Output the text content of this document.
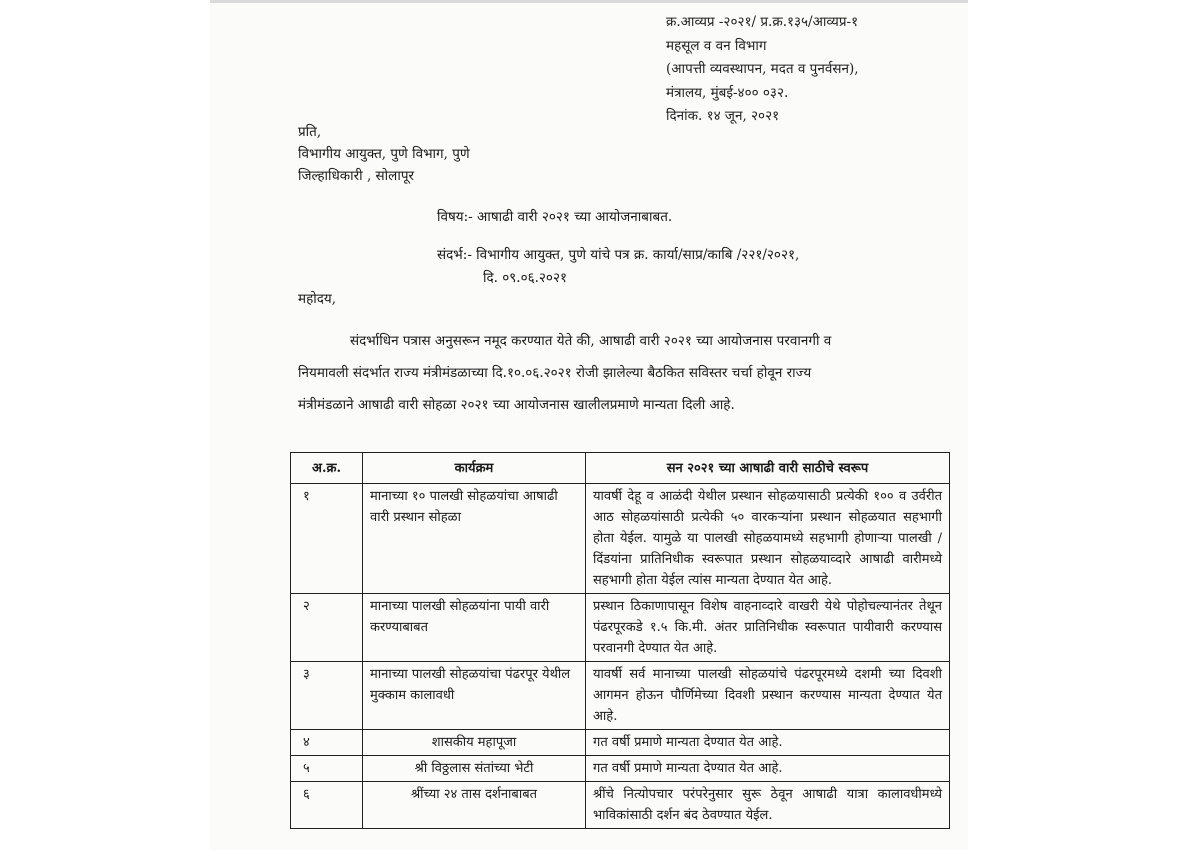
क्र.आव्यप्र -२०२१/ प्र.क्र.१३५/आव्यप्र-१
महसूल व वन विभाग
(आपत्ती व्यवस्थापन, मदत व पुनर्वसन),
मंत्रालय, मुंबई-४०० ०३२.
दिनांक. १४ जून, २०२१
प्रति,
विभागीय आयुक्त, पुणे विभाग, पुणे
जिल्हाधिकारी , सोलापूर
विषय:- आषाढी वारी २०२१ च्या आयोजनाबाबत.
संदर्भ:- विभागीय आयुक्त, पुणे यांचे पत्र क्र. कार्या/साप्र/काबि /२२१/२०२१,
दि. ०९.०६.२०२१
महोदय,
संदर्भाधिन पत्रास अनुसरून नमूद करण्यात येते की, आषाढी वारी २०२१ च्या आयोजनास परवानगी व
नियमावली संदर्भात राज्य मंत्रीमंडळाच्या दि.१०.०६.२०२१ रोजी झालेल्या बैठकित सविस्तर चर्चा होवून राज्य
मंत्रीमंडळाने आषाढी वारी सोहळा २०२१ च्या आयोजनास खालीलप्रमाणे मान्यता दिली आहे.
अ.क्र.	कार्यक्रम	सन २०२१ च्या आषाढी वारी साठीचे स्वरूप
१	मानाच्या १० पालखी सोहळयांचा आषाढी वारी प्रस्थान सोहळा	यावर्षी देहू व आळंदी येथील प्रस्थान सोहळयासाठी प्रत्येकी १०० व उर्वरीत आठ सोहळयांसाठी प्रत्येकी ५० वारकऱ्यांना प्रस्थान सोहळयात सहभागी होता येईल. यामुळे या पालखी सोहळयामध्ये सहभागी होणाऱ्या पालखी / दिंडयांना प्रातिनिधीक स्वरूपात प्रस्थान सोहळयाव्दारे आषाढी वारीमध्ये सहभागी होता येईल त्यांस मान्यता देण्यात येत आहे.
२	मानाच्या पालखी सोहळयांना पायी वारी करण्याबाबत	प्रस्थान ठिकाणापासून विशेष वाहनाव्दारे वाखरी येथे पोहोचल्यानंतर तेथून पंढरपूरकडे १.५ कि.मी. अंतर प्रातिनिधीक स्वरूपात पायीवारी करण्यास परवानगी देण्यात येत आहे.
३	मानाच्या पालखी सोहळयांचा पंढरपूर येथील मुक्काम कालावधी	यावर्षी सर्व मानाच्या पालखी सोहळयांचे पंढरपूरमध्ये दशमी च्या दिवशी आगमन होऊन पौर्णिमेच्या दिवशी प्रस्थान करण्यास मान्यता देण्यात येत आहे.
४	शासकीय महापूजा	गत वर्षी प्रमाणे मान्यता देण्यात येत आहे.
५	श्री विठ्ठलास संतांच्या भेटी	गत वर्षी प्रमाणे मान्यता देण्यात येत आहे.
६	श्रींच्या २४ तास दर्शनाबाबत	श्रींचे नित्योपचार परंपरेनुसार सुरू ठेवून आषाढी यात्रा कालावधीमध्ये भाविकांसाठी दर्शन बंद ठेवण्यात येईल.
